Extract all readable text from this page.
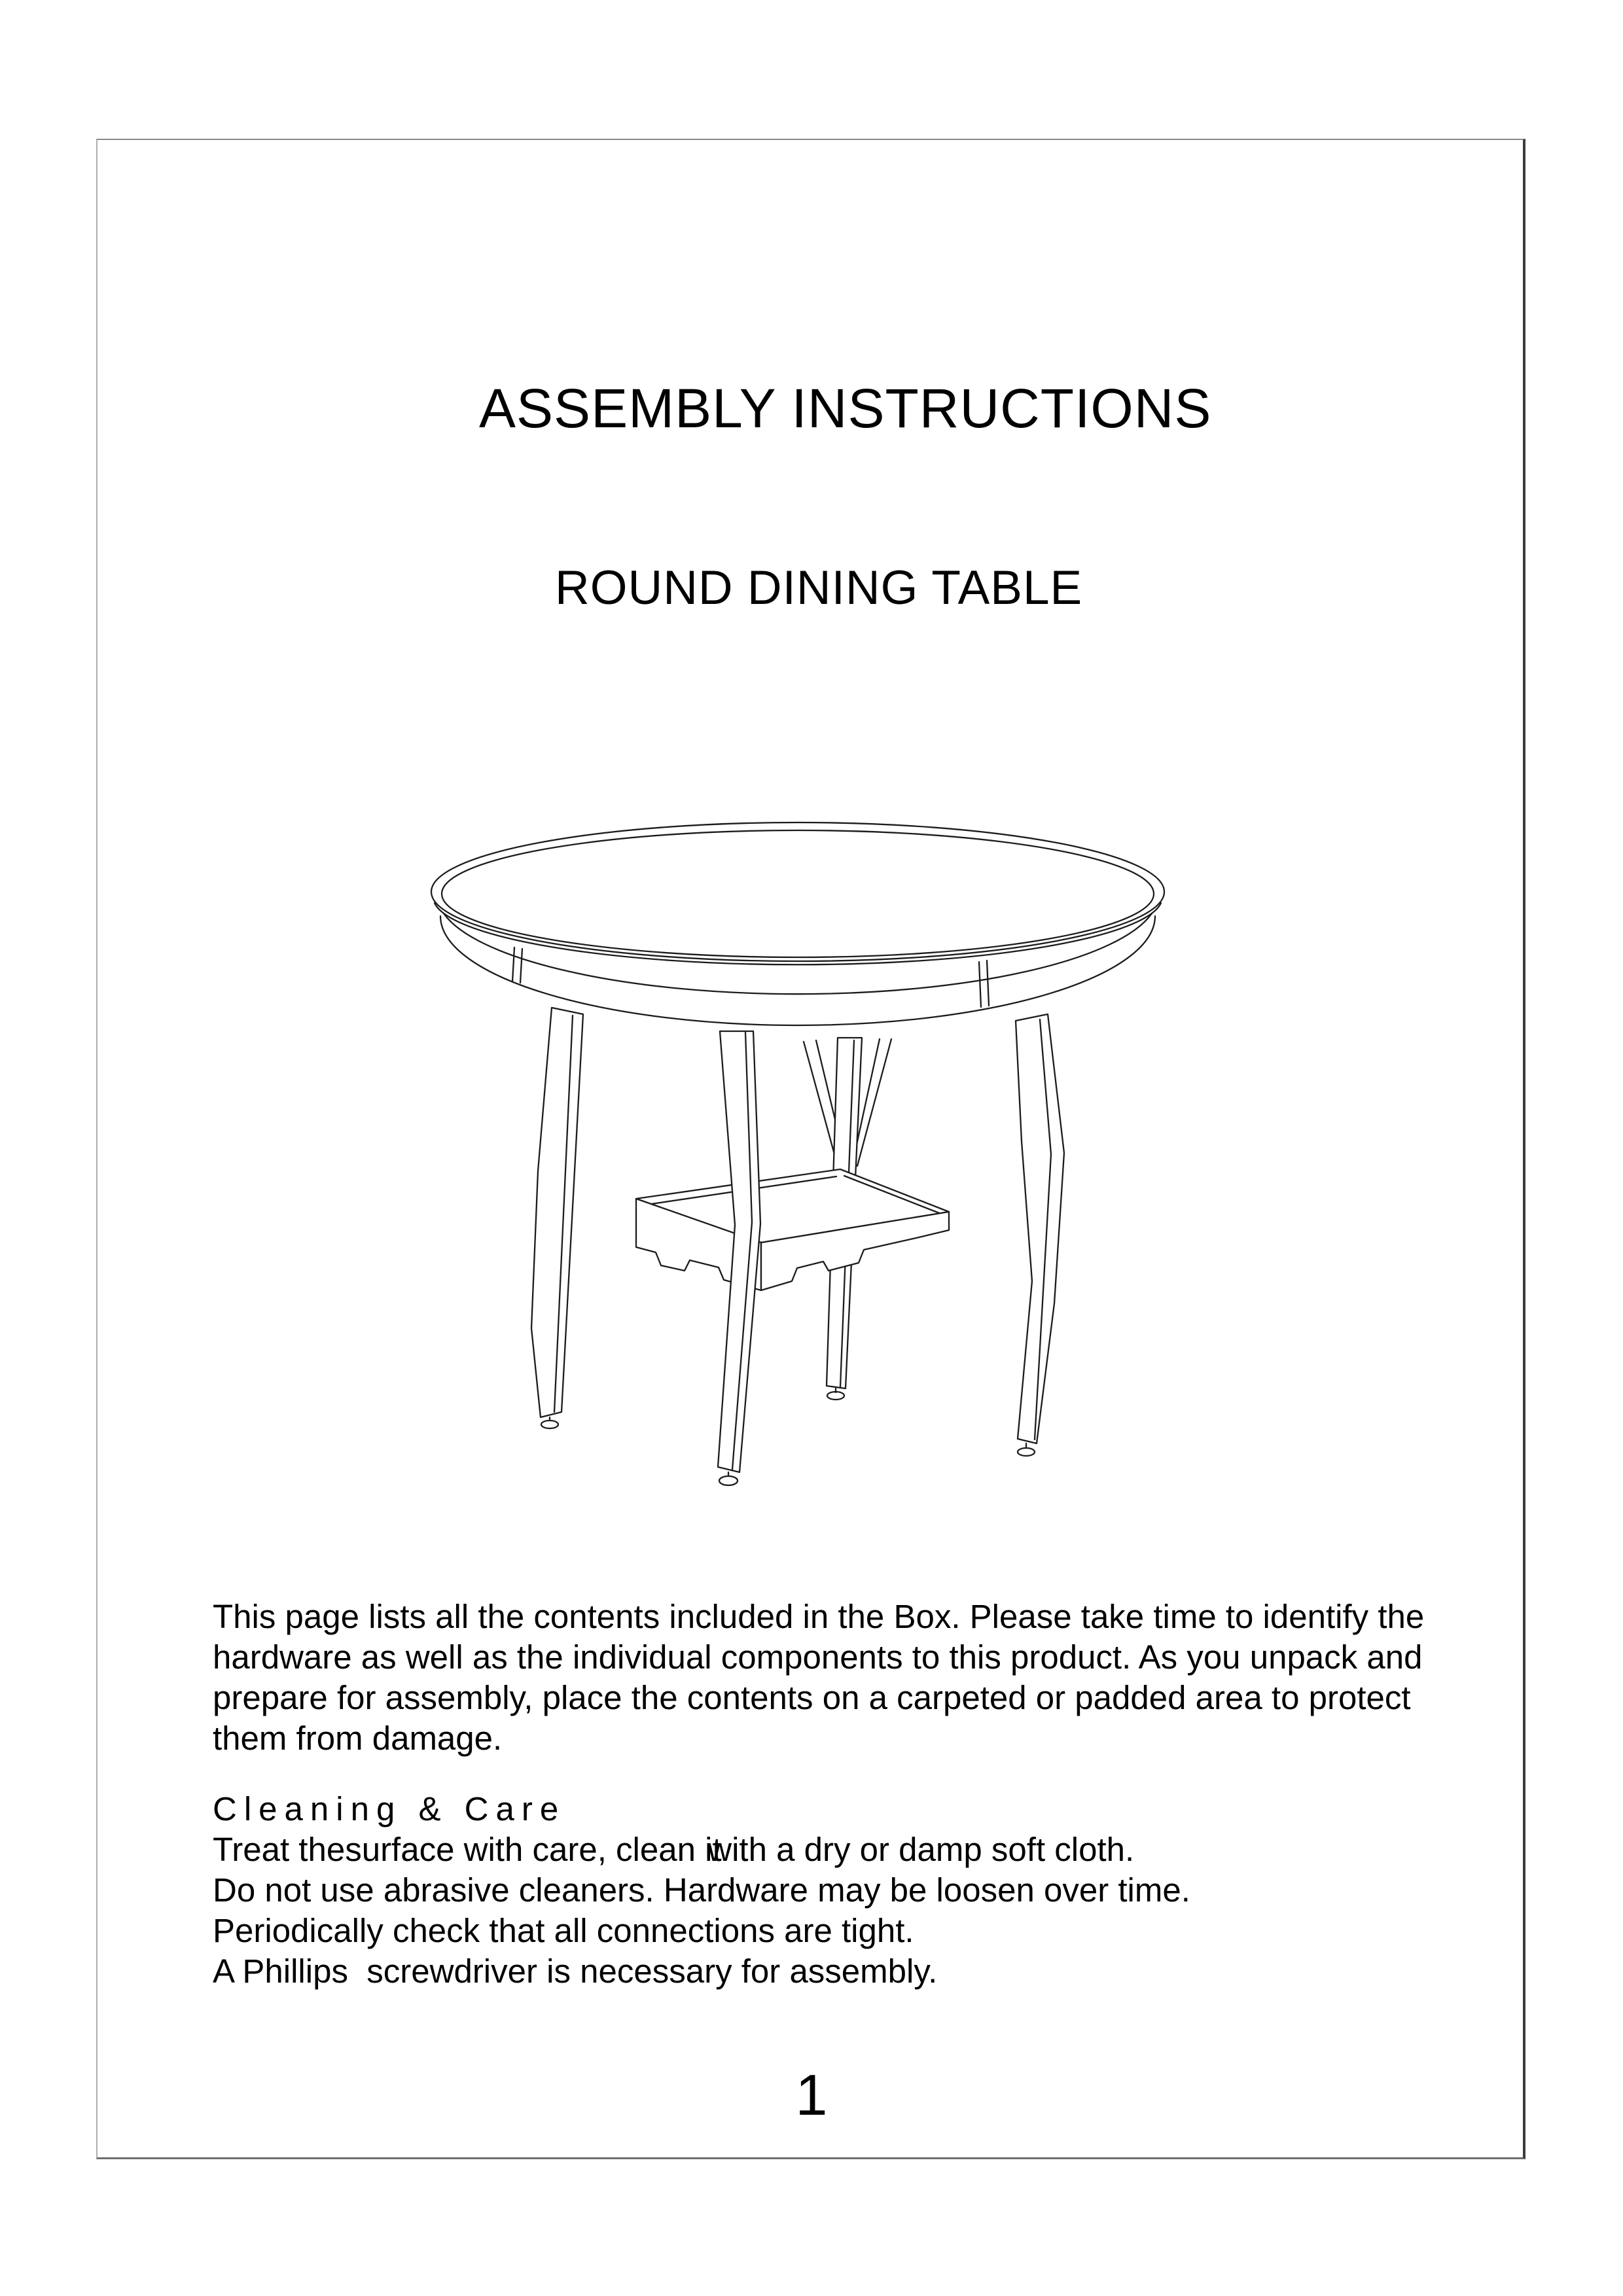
ASSEMBLY INSTRUCTIONS
ROUND DINING TABLE
This page lists all the contents included in the Box. Please take time to identify the
hardware as well as the individual components to this product. As you unpack and
prepare for assembly, place the contents on a carpeted or padded area to protect
them from damage.
Cleaning & Care
Treat thesurface with care, clean itwith a dry or damp soft cloth.
Do not use abrasive cleaners. Hardware may be loosen over time.
Periodically check that all connections are tight.
A Phillips  screwdriver is necessary for assembly.
1
